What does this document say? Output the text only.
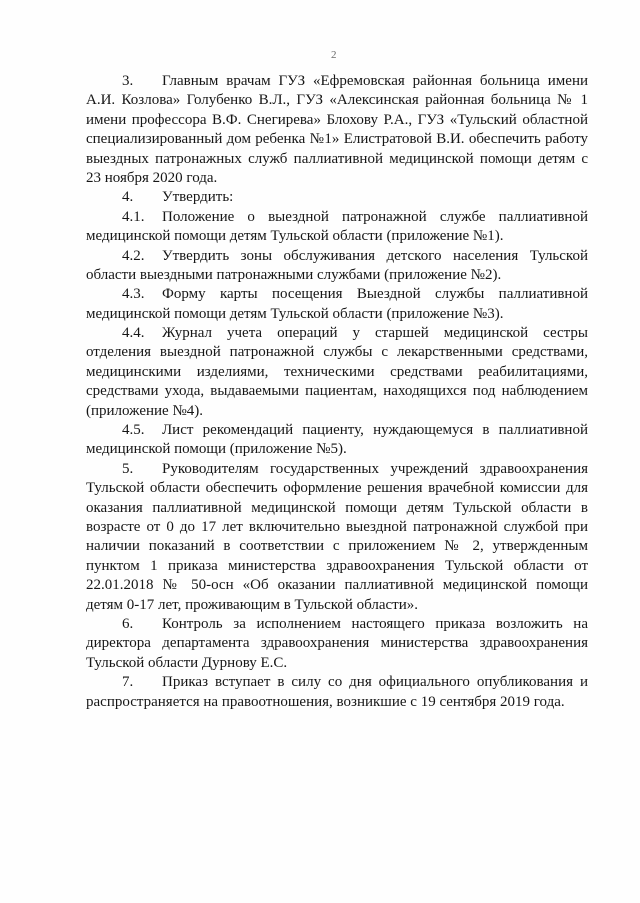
2
3. Главным врачам ГУЗ «Ефремовская районная больница имени
А.И. Козлова» Голубенко В.Л., ГУЗ «Алексинская районная больница № 1
имени профессора В.Ф. Снегирева» Блохову Р.А., ГУЗ «Тульский областной
специализированный дом ребенка №1» Елистратовой В.И. обеспечить работу
выездных патронажных служб паллиативной медицинской помощи детям с
23 ноября 2020 года.
4. Утвердить:
4.1. Положение о выездной патронажной службе паллиативной
медицинской помощи детям Тульской области (приложение №1).
4.2. Утвердить зоны обслуживания детского населения Тульской
области выездными патронажными службами (приложение №2).
4.3. Форму карты посещения Выездной службы паллиативной
медицинской помощи детям Тульской области (приложение №3).
4.4. Журнал учета операций у старшей медицинской сестры
отделения выездной патронажной службы с лекарственными средствами,
медицинскими изделиями, техническими средствами реабилитациями,
средствами ухода, выдаваемыми пациентам, находящихся под наблюдением
(приложение №4).
4.5. Лист рекомендаций пациенту, нуждающемуся в паллиативной
медицинской помощи (приложение №5).
5. Руководителям государственных учреждений здравоохранения
Тульской области обеспечить оформление решения врачебной комиссии для
оказания паллиативной медицинской помощи детям Тульской области в
возрасте от 0 до 17 лет включительно выездной патронажной службой при
наличии показаний в соответствии с приложением № 2, утвержденным
пунктом 1 приказа министерства здравоохранения Тульской области от
22.01.2018 № 50-осн «Об оказании паллиативной медицинской помощи
детям 0-17 лет, проживающим в Тульской области».
6. Контроль за исполнением настоящего приказа возложить на
директора департамента здравоохранения министерства здравоохранения
Тульской области Дурнову Е.С.
7. Приказ вступает в силу со дня официального опубликования и
распространяется на правоотношения, возникшие с 19 сентября 2019 года.
